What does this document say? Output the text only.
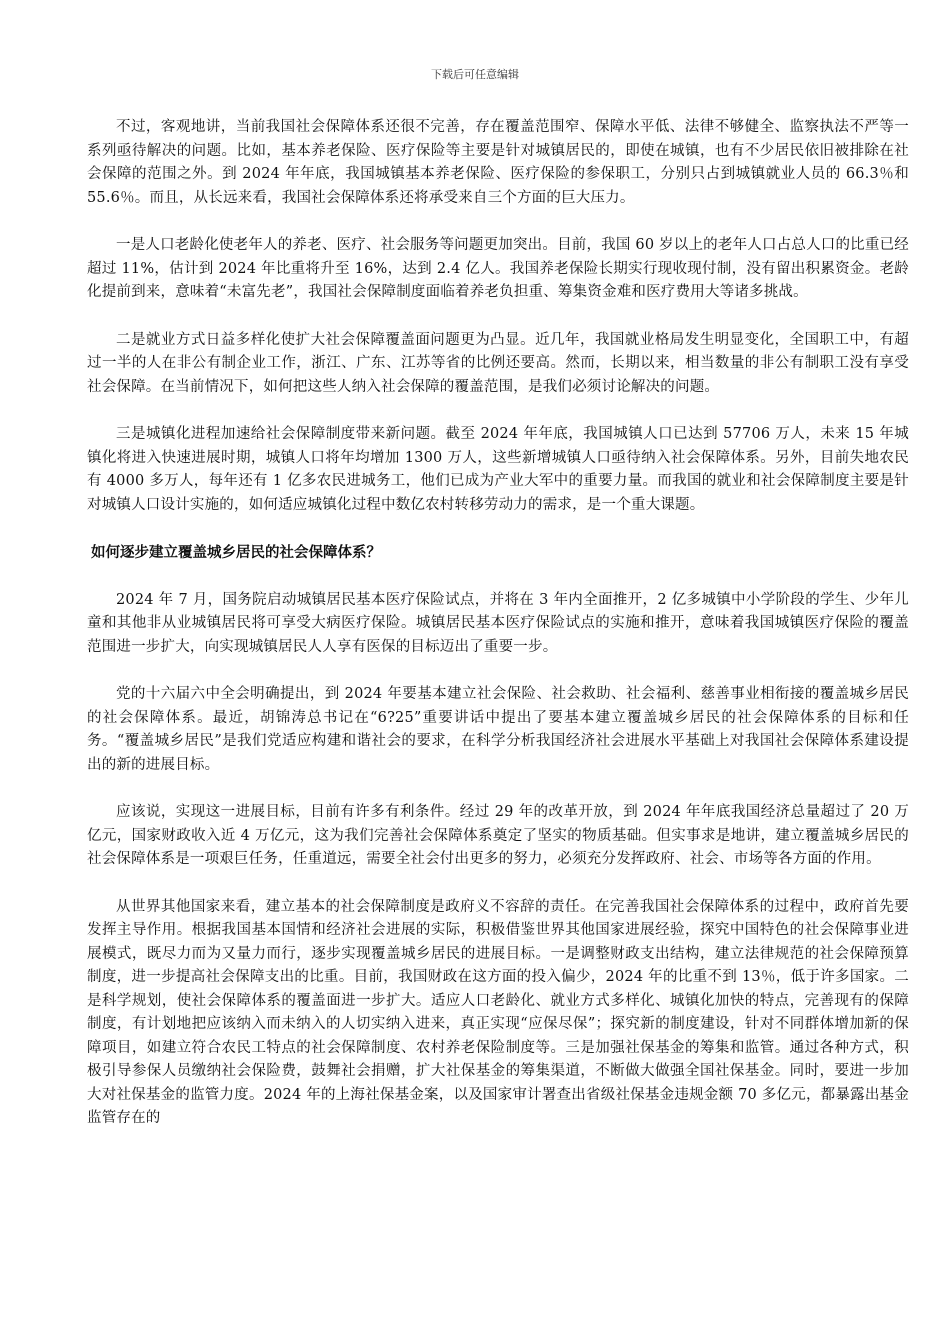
下载后可任意编辑

不过，客观地讲，当前我国社会保障体系还很不完善，存在覆盖范围窄、保障水平低、法律不够健全、监察执法不严等一系列亟待解决的问题。比如，基本养老保险、医疗保险等主要是针对城镇居民的，即使在城镇，也有不少居民依旧被排除在社会保障的范围之外。到 2024 年年底，我国城镇基本养老保险、医疗保险的参保职工，分别只占到城镇就业人员的 66.3％和 55.6％。而且，从长远来看，我国社会保障体系还将承受来自三个方面的巨大压力。

一是人口老龄化使老年人的养老、医疗、社会服务等问题更加突出。目前，我国 60 岁以上的老年人口占总人口的比重已经超过 11%，估计到 2024 年比重将升至 16%，达到 2.4 亿人。我国养老保险长期实行现收现付制，没有留出积累资金。老龄化提前到来，意味着“未富先老”，我国社会保障制度面临着养老负担重、筹集资金难和医疗费用大等诸多挑战。

二是就业方式日益多样化使扩大社会保障覆盖面问题更为凸显。近几年，我国就业格局发生明显变化，全国职工中，有超过一半的人在非公有制企业工作，浙江、广东、江苏等省的比例还要高。然而，长期以来，相当数量的非公有制职工没有享受社会保障。在当前情况下，如何把这些人纳入社会保障的覆盖范围，是我们必须讨论解决的问题。

三是城镇化进程加速给社会保障制度带来新问题。截至 2024 年年底，我国城镇人口已达到 57706 万人，未来 15 年城镇化将进入快速进展时期，城镇人口将年均增加 1300 万人，这些新增城镇人口亟待纳入社会保障体系。另外，目前失地农民有 4000 多万人，每年还有 1 亿多农民进城务工，他们已成为产业大军中的重要力量。而我国的就业和社会保障制度主要是针对城镇人口设计实施的，如何适应城镇化过程中数亿农村转移劳动力的需求，是一个重大课题。

如何逐步建立覆盖城乡居民的社会保障体系？

2024 年 7 月，国务院启动城镇居民基本医疗保险试点，并将在 3 年内全面推开，2 亿多城镇中小学阶段的学生、少年儿童和其他非从业城镇居民将可享受大病医疗保险。城镇居民基本医疗保险试点的实施和推开，意味着我国城镇医疗保险的覆盖范围进一步扩大，向实现城镇居民人人享有医保的目标迈出了重要一步。

党的十六届六中全会明确提出，到 2024 年要基本建立社会保险、社会救助、社会福利、慈善事业相衔接的覆盖城乡居民的社会保障体系。最近，胡锦涛总书记在“6?25”重要讲话中提出了要基本建立覆盖城乡居民的社会保障体系的目标和任务。“覆盖城乡居民”是我们党适应构建和谐社会的要求，在科学分析我国经济社会进展水平基础上对我国社会保障体系建设提出的新的进展目标。

应该说，实现这一进展目标，目前有许多有利条件。经过 29 年的改革开放，到 2024 年年底我国经济总量超过了 20 万亿元，国家财政收入近 4 万亿元，这为我们完善社会保障体系奠定了坚实的物质基础。但实事求是地讲，建立覆盖城乡居民的社会保障体系是一项艰巨任务，任重道远，需要全社会付出更多的努力，必须充分发挥政府、社会、市场等各方面的作用。

从世界其他国家来看，建立基本的社会保障制度是政府义不容辞的责任。在完善我国社会保障体系的过程中，政府首先要发挥主导作用。根据我国基本国情和经济社会进展的实际，积极借鉴世界其他国家进展经验，探究中国特色的社会保障事业进展模式，既尽力而为又量力而行，逐步实现覆盖城乡居民的进展目标。一是调整财政支出结构，建立法律规范的社会保障预算制度，进一步提高社会保障支出的比重。目前，我国财政在这方面的投入偏少，2024 年的比重不到 13％，低于许多国家。二是科学规划，使社会保障体系的覆盖面进一步扩大。适应人口老龄化、就业方式多样化、城镇化加快的特点，完善现有的保障制度，有计划地把应该纳入而未纳入的人切实纳入进来，真正实现“应保尽保”；探究新的制度建设，针对不同群体增加新的保障项目，如建立符合农民工特点的社会保障制度、农村养老保险制度等。三是加强社保基金的筹集和监管。通过各种方式，积极引导参保人员缴纳社会保险费，鼓舞社会捐赠，扩大社保基金的筹集渠道，不断做大做强全国社保基金。同时，要进一步加大对社保基金的监管力度。2024 年的上海社保基金案，以及国家审计署查出省级社保基金违规金额 70 多亿元，都暴露出基金监管存在的
